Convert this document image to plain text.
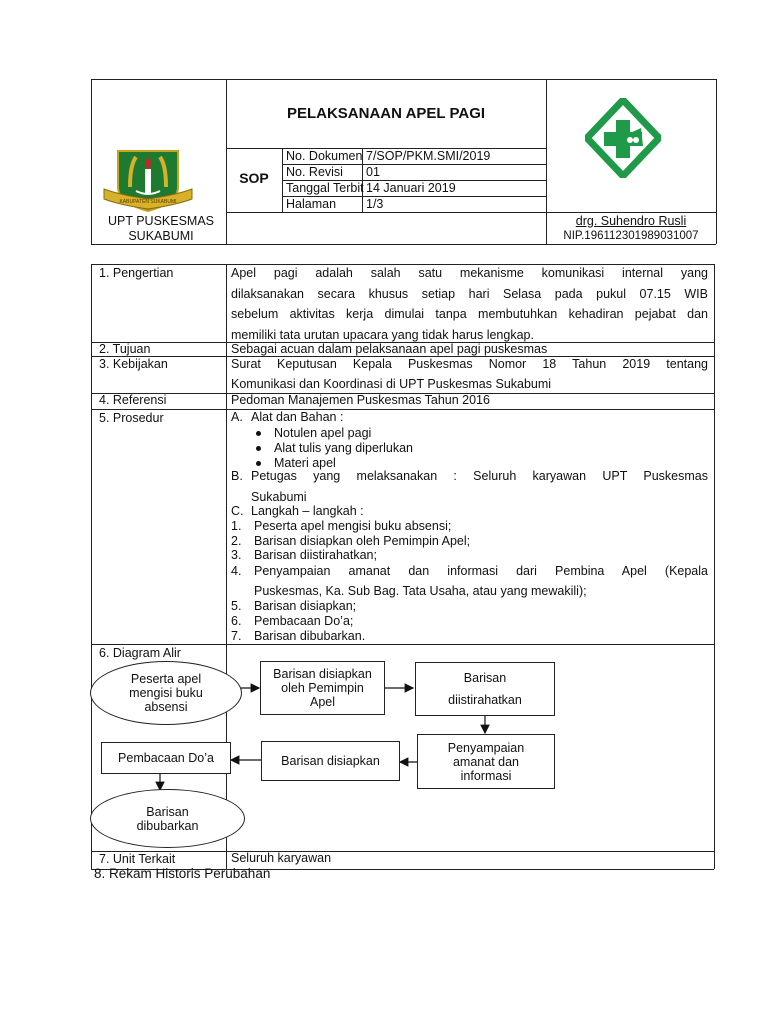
KABUPATEN SUKABUMI
UPT PUSKESMAS
SUKABUMI
PELAKSANAAN APEL PAGI
SOP
No. Dokumen 7/SOP/PKM.SMI/2019
No. Revisi 01
Tanggal Terbit 14 Januari 2019
Halaman 1/3
drg. Suhendro Rusli
NIP.196112301989031007
1. Pengertian	Apel pagi adalah salah satu mekanisme komunikasi internal yang
dilaksanakan secara khusus setiap hari Selasa pada pukul 07.15 WIB
sebelum aktivitas kerja dimulai tanpa membutuhkan kehadiran pejabat dan
memiliki tata urutan upacara yang tidak harus lengkap.
2. Tujuan	Sebagai acuan dalam pelaksanaan apel pagi puskesmas
3. Kebijakan	Surat Keputusan Kepala Puskesmas Nomor 18 Tahun 2019 tentang
Komunikasi dan Koordinasi di UPT Puskesmas Sukabumi
4. Referensi	Pedoman Manajemen Puskesmas Tahun 2016
5. Prosedur	A. Alat dan Bahan :
Notulen apel pagi
Alat tulis yang diperlukan
Materi apel
B. Petugas yang melaksanakan : Seluruh karyawan UPT Puskesmas
Sukabumi
C. Langkah – langkah :
1. Peserta apel mengisi buku absensi;
2. Barisan disiapkan oleh Pemimpin Apel;
3. Barisan diistirahatkan;
4. Penyampaian amanat dan informasi dari Pembina Apel (Kepala
Puskesmas, Ka. Sub Bag. Tata Usaha, atau yang mewakili);
5. Barisan disiapkan;
6. Pembacaan Do’a;
7. Barisan dibubarkan.
6. Diagram Alir
Peserta apel mengisi buku absensi
Barisan disiapkan oleh Pemimpin Apel
Barisan
diistirahatkan
Penyampaian amanat dan informasi
Barisan disiapkan
Pembacaan Do’a
Barisan dibubarkan
7. Unit Terkait	Seluruh karyawan
8. Rekam Historis Perubahan
